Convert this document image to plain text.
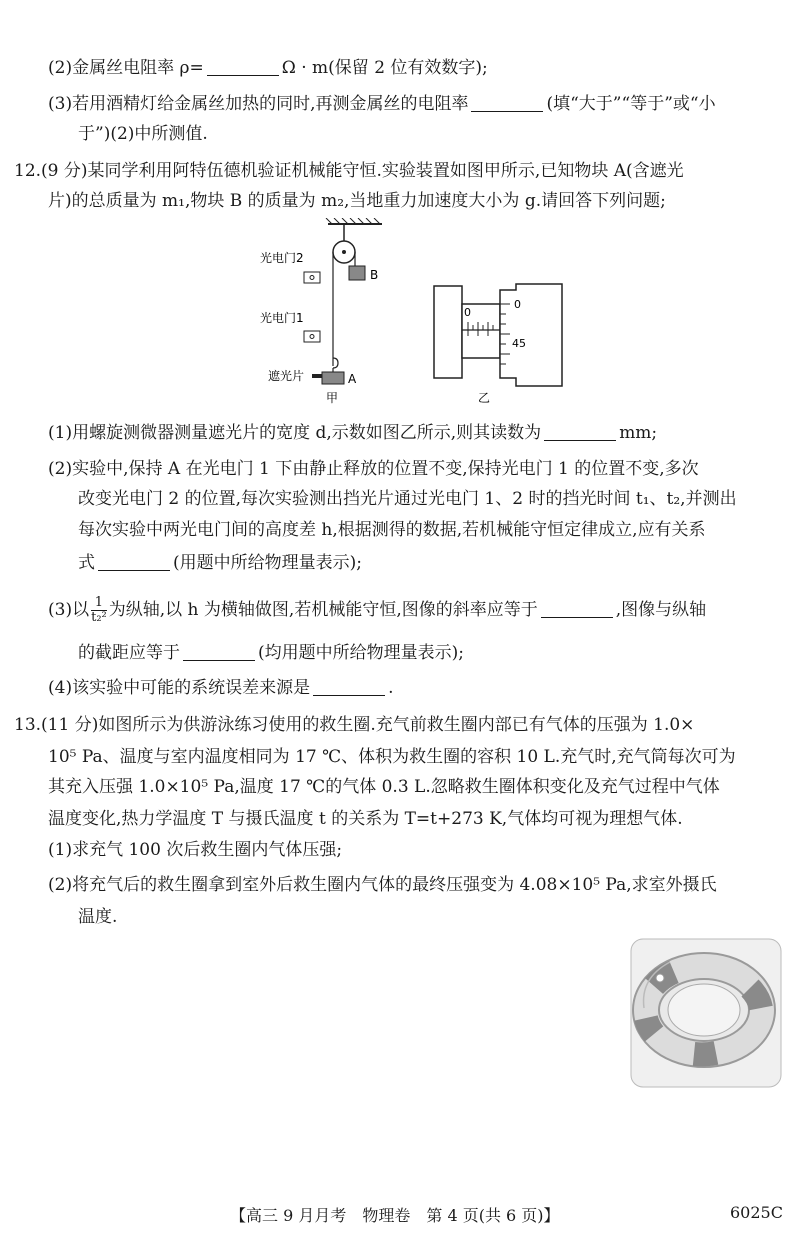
(2)金属丝电阻率 ρ=	Ω · m(保留 2 位有效数字);
(3)若用酒精灯给金属丝加热的同时,再测金属丝的电阻率	(填“大于”“等于”或“小
于”)(2)中所测值.
12.(9 分)某同学利用阿特伍德机验证机械能守恒.实验装置如图甲所示,已知物块 A(含遮光
片)的总质量为 m₁,物块 B 的质量为 m₂,当地重力加速度大小为 g.请回答下列问题;
B
光电门2
光电门1
遮光片	A
甲
0
0
45
乙
(1)用螺旋测微器测量遮光片的宽度 d,示数如图乙所示,则其读数为	mm;
(2)实验中,保持 A 在光电门 1 下由静止释放的位置不变,保持光电门 1 的位置不变,多次
改变光电门 2 的位置,每次实验测出挡光片通过光电门 1、2 时的挡光时间 t₁、t₂,并测出
每次实验中两光电门间的高度差 h,根据测得的数据,若机械能守恒定律成立,应有关系
式	(用题中所给物理量表示);
(3)以 $\frac{1}{\text{t₂²}}$ 为纵轴,以 h 为横轴做图,若机械能守恒,图像的斜率应等于	,图像与纵轴
的截距应等于	(均用题中所给物理量表示);
(4)该实验中可能的系统误差来源是	.
13.(11 分)如图所示为供游泳练习使用的救生圈.充气前救生圈内部已有气体的压强为 1.0×
10⁵ Pa、温度与室内温度相同为 17 ℃、体积为救生圈的容积 10 L.充气时,充气筒每次可为
其充入压强 1.0×10⁵ Pa,温度 17 ℃的气体 0.3 L.忽略救生圈体积变化及充气过程中气体
温度变化,热力学温度 T 与摄氏温度 t 的关系为 T=t+273 K,气体均可视为理想气体.
(1)求充气 100 次后救生圈内气体压强;
(2)将充气后的救生圈拿到室外后救生圈内气体的最终压强变为 4.08×10⁵ Pa,求室外摄氏
温度.
【高三 9 月月考　物理卷　第 4 页(共 6 页)】	6025C
